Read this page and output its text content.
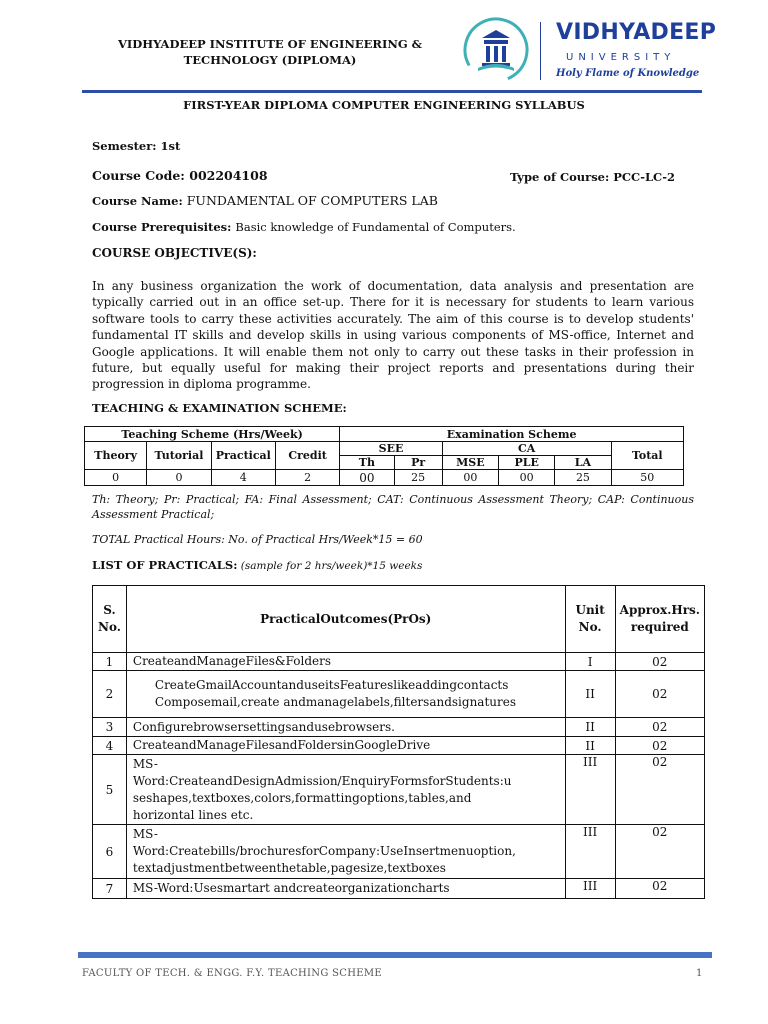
VIDHYADEEP INSTITUTE OF ENGINEERING &
TECHNOLOGY (DIPLOMA)
VIDHYADEEP
UNIVERSITY
Holy Flame of Knowledge
FIRST-YEAR DIPLOMA COMPUTER ENGINEERING SYLLABUS
Semester: 1st
Course Code: 002204108	Type of Course: PCC-LC-2
Course Name: FUNDAMENTAL OF COMPUTERS LAB
Course Prerequisites: Basic knowledge of Fundamental of Computers.
COURSE OBJECTIVE(S):
In any business organization the work of documentation, data analysis and presentation are typically carried out in an office set-up. There for it is necessary for students to learn various software tools to carry these activities accurately. The aim of this course is to develop students' fundamental IT skills and develop skills in using various components of MS-office, Internet and Google applications. It will enable them not only to carry out these tasks in their profession in future, but equally useful for making their project reports and presentations during their progression in diploma programme.
TEACHING & EXAMINATION SCHEME:
Teaching Scheme (Hrs/Week)				Examination Scheme					
Theory	Tutorial	Practical	Credit	SEE		CA			Total
				Th	Pr	MSE	PLE	LA	
0	0	4	2	00	25	00	00	25	50
Th: Theory; Pr: Practical; FA: Final Assessment; CAT: Continuous Assessment Theory; CAP: Continuous Assessment Practical;
TOTAL Practical Hours: No. of Practical Hrs/Week*15 = 60
LIST OF PRACTICALS: (sample for 2 hrs/week)*15 weeks
S. No.	PracticalOutcomes(PrOs)	Unit No.	Approx.Hrs. required
1	CreateandManageFiles&Folders	I	02
2	CreateGmailAccountanduseitsFeatureslikeaddingcontacts
Composemail,create andmanagelabels,filtersandsignatures	II	02
3	Configurebrowsersettingsandusebrowsers.	II	02
4	CreateandManageFilesandFoldersinGoogleDrive	II	02
5	MS-
Word:CreateandDesignAdmission/EnquiryFormsforStudents:u
seshapes,textboxes,colors,formattingoptions,tables,and
horizontal lines etc.	III	02
6	MS-
Word:Createbills/brochuresforCompany:UseInsertmenuoption,
textadjustmentbetweenthetable,pagesize,textboxes	III	02
7	MS-Word:Usesmartart andcreateorganizationcharts	III	02
FACULTY OF TECH. & ENGG. F.Y. TEACHING SCHEME	1
